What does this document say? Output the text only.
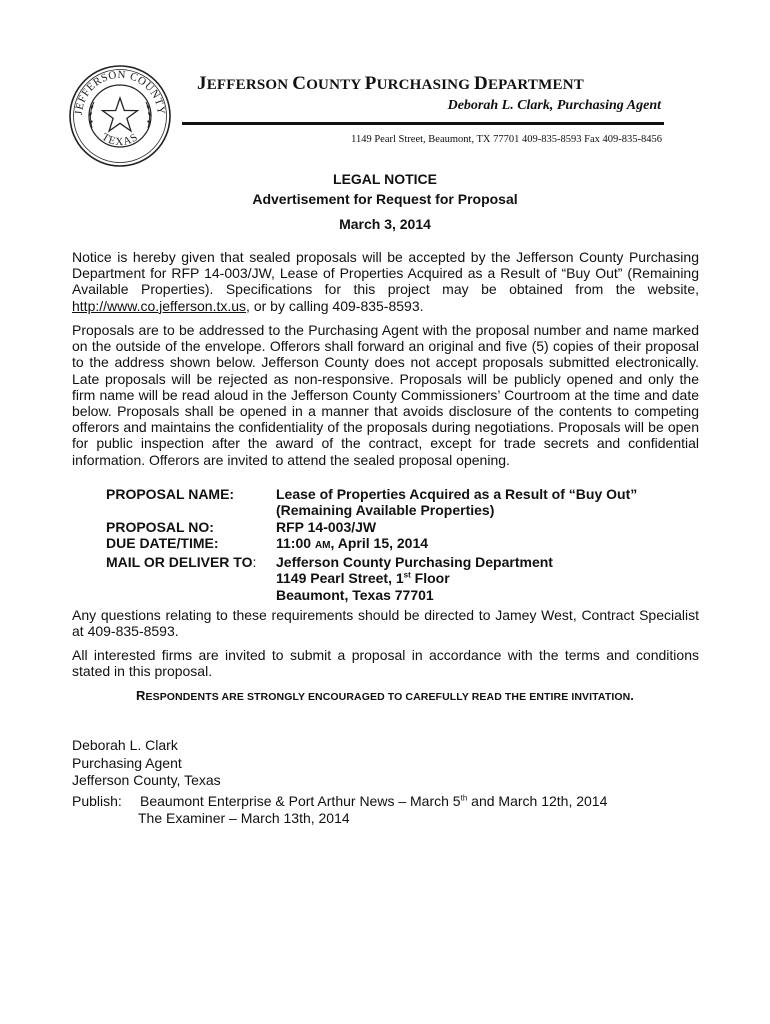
JEFFERSON COUNTY
TEXAS
JEFFERSON COUNTY PURCHASING DEPARTMENT
Deborah L. Clark, Purchasing Agent
1149 Pearl Street, Beaumont, TX 77701 409-835-8593 Fax 409-835-8456
LEGAL NOTICE
Advertisement for Request for Proposal
March 3, 2014
Notice is hereby given that sealed proposals will be accepted by the Jefferson County Purchasing Department for RFP 14-003/JW, Lease of Properties Acquired as a Result of “Buy Out” (Remaining Available Properties). Specifications for this project may be obtained from the website, http://www.co.jefferson.tx.us, or by calling 409-835-8593.
Proposals are to be addressed to the Purchasing Agent with the proposal number and name marked on the outside of the envelope. Offerors shall forward an original and five (5) copies of their proposal to the address shown below. Jefferson County does not accept proposals submitted electronically. Late proposals will be rejected as non-responsive. Proposals will be publicly opened and only the firm name will be read aloud in the Jefferson County Commissioners’ Courtroom at the time and date below. Proposals shall be opened in a manner that avoids disclosure of the contents to competing offerors and maintains the confidentiality of the proposals during negotiations. Proposals will be open for public inspection after the award of the contract, except for trade secrets and confidential information. Offerors are invited to attend the sealed proposal opening.
PROPOSAL NAME:	Lease of Properties Acquired as a Result of “Buy Out”
(Remaining Available Properties)
PROPOSAL NO:	RFP 14-003/JW
DUE DATE/TIME:	11:00 AM, April 15, 2014
MAIL OR DELIVER TO:	Jefferson County Purchasing Department
1149 Pearl Street, 1st Floor
Beaumont, Texas 77701
Any questions relating to these requirements should be directed to Jamey West, Contract Specialist at 409-835-8593.
All interested firms are invited to submit a proposal in accordance with the terms and conditions stated in this proposal.
RESPONDENTS ARE STRONGLY ENCOURAGED TO CAREFULLY READ THE ENTIRE INVITATION.
Deborah L. Clark
Purchasing Agent
Jefferson County, Texas
Publish:	Beaumont Enterprise & Port Arthur News – March 5th and March 12th, 2014
The Examiner – March 13th, 2014
